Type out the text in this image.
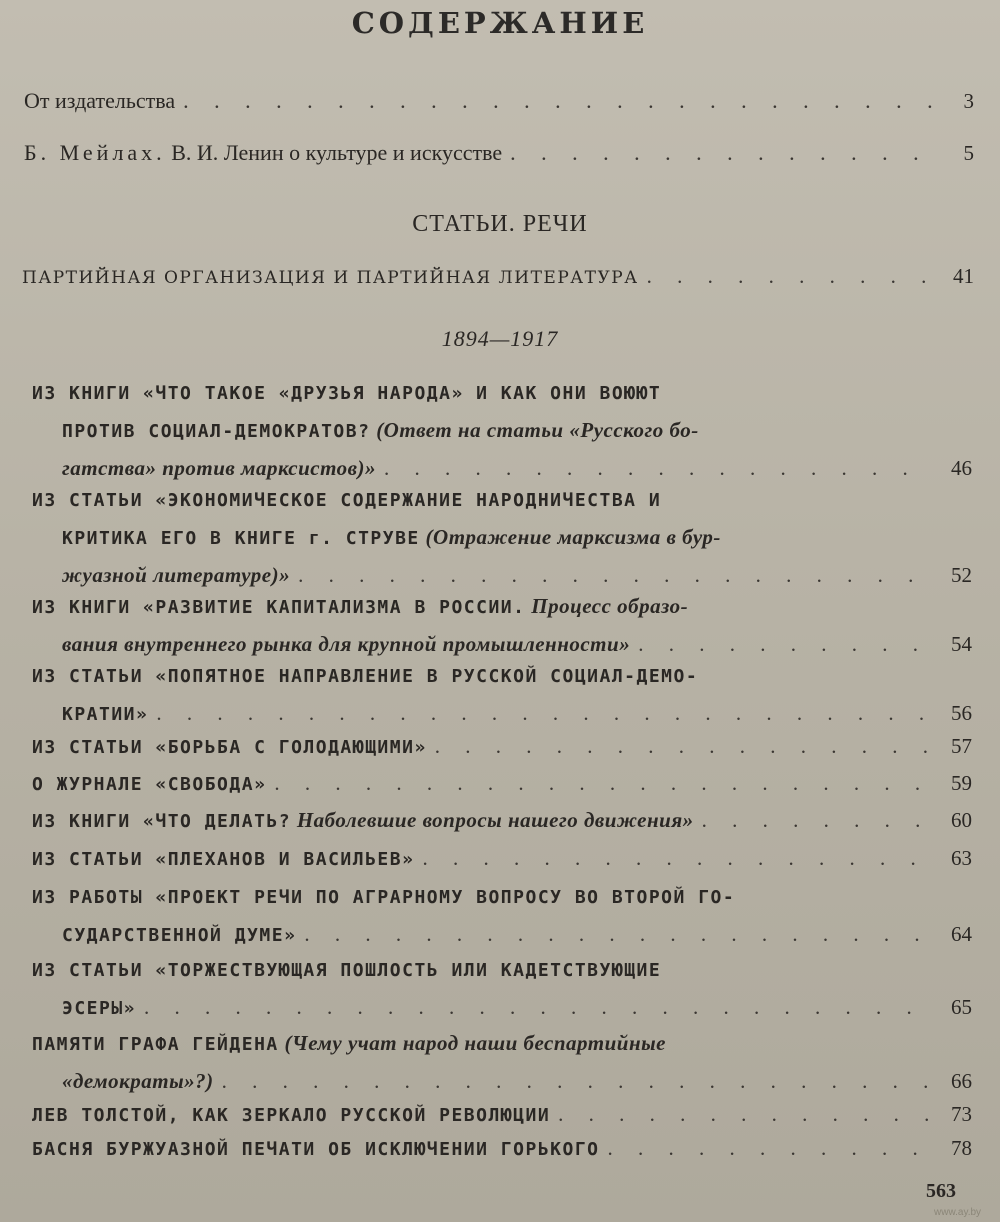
СОДЕРЖАНИЕ
От издательства . . .	3
Б. Мейлах.
В. И. Ленин о культуре и искусстве . . .	5
СТАТЬИ. РЕЧИ
ПАРТИЙНАЯ ОРГАНИЗАЦИЯ И ПАРТИЙНАЯ ЛИТЕРАТУРА . . .	41
1894—1917
ИЗ КНИГИ «ЧТО ТАКОЕ «ДРУЗЬЯ НАРОДА» И КАК ОНИ ВОЮЮТ
ПРОТИВ СОЦИАЛ-ДЕМОКРАТОВ? (Ответ на статьи «Русского бо-
гатства» против марксистов)» . . .	46
ИЗ СТАТЬИ «ЭКОНОМИЧЕСКОЕ СОДЕРЖАНИЕ НАРОДНИЧЕСТВА И
КРИТИКА ЕГО В КНИГЕ г. СТРУВЕ (Отражение марксизма в бур-
жуазной литературе)» . . .	52
ИЗ КНИГИ «РАЗВИТИЕ КАПИТАЛИЗМА В РОССИИ. Процесс образо-
вания внутреннего рынка для крупной промышленности» . . .	54
ИЗ СТАТЬИ «ПОПЯТНОЕ НАПРАВЛЕНИЕ В РУССКОЙ СОЦИАЛ-ДЕМО-
КРАТИИ» . . .	56
ИЗ СТАТЬИ «БОРЬБА С ГОЛОДАЮЩИМИ» . . .	57
О ЖУРНАЛЕ «СВОБОДА» . . .	59
ИЗ КНИГИ «ЧТО ДЕЛАТЬ? Наболевшие вопросы нашего движения» . . .	60
ИЗ СТАТЬИ «ПЛЕХАНОВ И ВАСИЛЬЕВ» . . .	63
ИЗ РАБОТЫ «ПРОЕКТ РЕЧИ ПО АГРАРНОМУ ВОПРОСУ ВО ВТОРОЙ ГО-
СУДАРСТВЕННОЙ ДУМЕ» . . .	64
ИЗ СТАТЬИ «ТОРЖЕСТВУЮЩАЯ ПОШЛОСТЬ ИЛИ КАДЕТСТВУЮЩИЕ
ЭСЕРЫ» . . .	65
ПАМЯТИ ГРАФА ГЕЙДЕНА (Чему учат народ наши беспартийные
«демократы»?) . . .	66
ЛЕВ ТОЛСТОЙ, КАК ЗЕРКАЛО РУССКОЙ РЕВОЛЮЦИИ . . .	73
БАСНЯ БУРЖУАЗНОЙ ПЕЧАТИ ОБ ИСКЛЮЧЕНИИ ГОРЬКОГО . . .	78
563
www.ay.by
